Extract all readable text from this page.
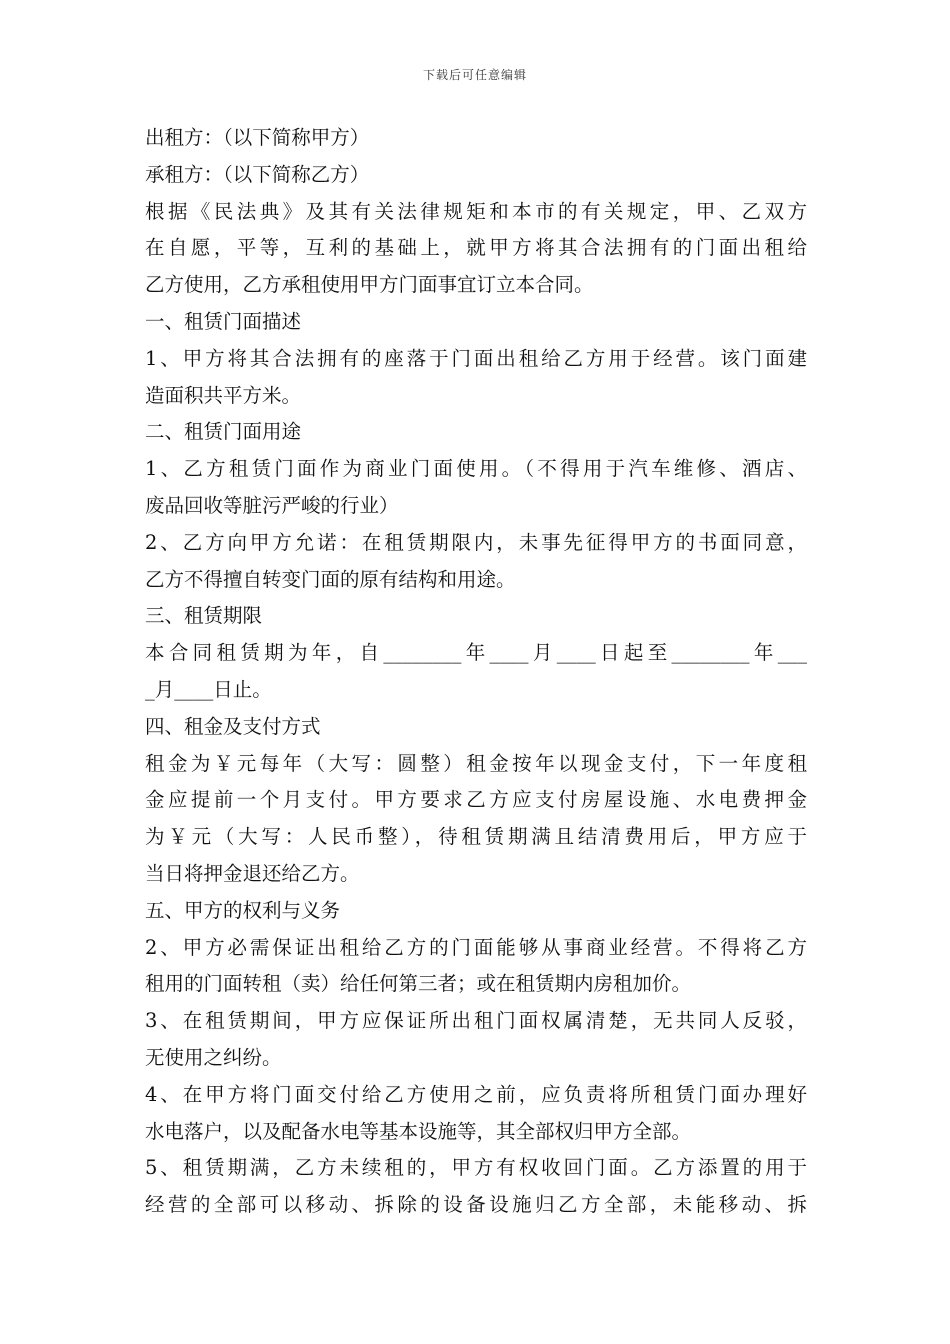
下载后可任意编辑
出租方：（以下简称甲方）
承租方：（以下简称乙方）
根据《民法典》及其有关法律规矩和本市的有关规定，甲、乙双方
在自愿，平等，互利的基础上，就甲方将其合法拥有的门面出租给
乙方使用，乙方承租使用甲方门面事宜订立本合同。
一、租赁门面描述
1、甲方将其合法拥有的座落于门面出租给乙方用于经营。该门面建
造面积共平方米。
二、租赁门面用途
1、乙方租赁门面作为商业门面使用。（不得用于汽车维修、酒店、
废品回收等脏污严峻的行业）
2、乙方向甲方允诺：在租赁期限内，未事先征得甲方的书面同意，
乙方不得擅自转变门面的原有结构和用途。
三、租赁期限
本合同租赁期为年，自________年____月____日起至________年___
_月____日止。
四、租金及支付方式
租金为￥元每年（大写：圆整）租金按年以现金支付，下一年度租
金应提前一个月支付。甲方要求乙方应支付房屋设施、水电费押金
为￥元（大写：人民币整），待租赁期满且结清费用后，甲方应于
当日将押金退还给乙方。
五、甲方的权利与义务
2、甲方必需保证出租给乙方的门面能够从事商业经营。不得将乙方
租用的门面转租（卖）给任何第三者；或在租赁期内房租加价。
3、在租赁期间，甲方应保证所出租门面权属清楚，无共同人反驳，
无使用之纠纷。
4、在甲方将门面交付给乙方使用之前，应负责将所租赁门面办理好
水电落户，以及配备水电等基本设施等，其全部权归甲方全部。
5、租赁期满，乙方未续租的，甲方有权收回门面。乙方添置的用于
经营的全部可以移动、拆除的设备设施归乙方全部，未能移动、拆
